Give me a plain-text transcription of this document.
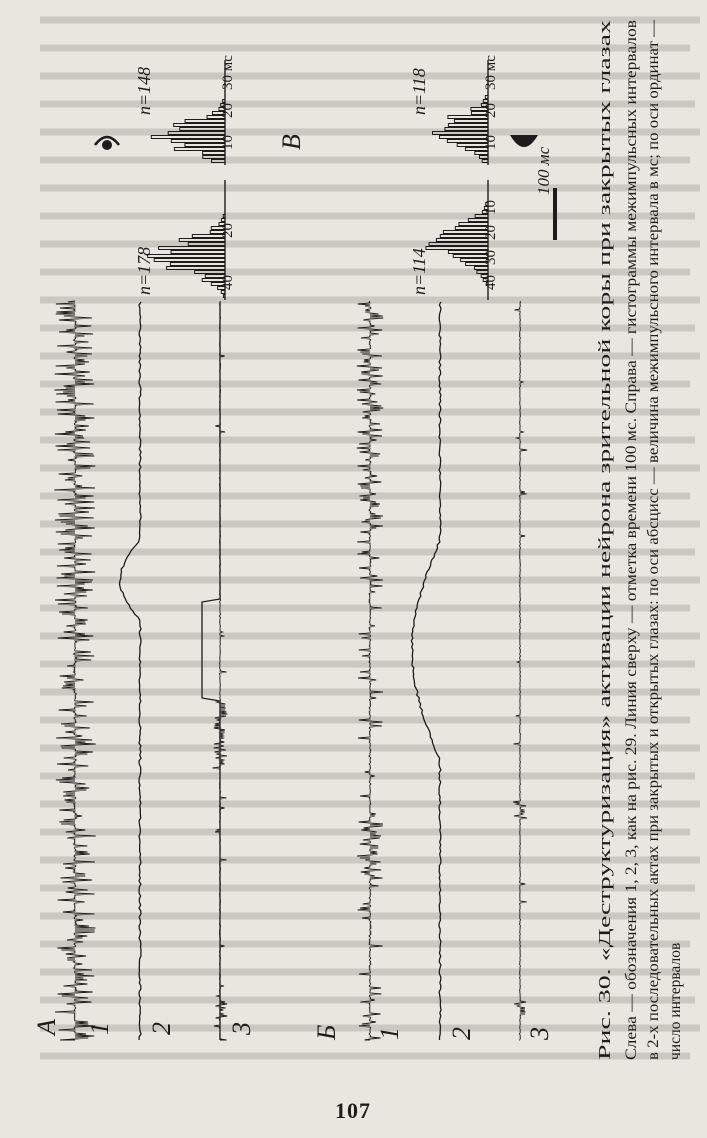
А	Б
В
1 2 3	1 2 3
100 мс
n=178
n=148
n=114
n=118
20
40
10
20
30 мс
10
20
30
40
10
20
30 мс
Рис. 30. «Деструктуризация» активации нейрона зрительной коры при закрытых глазах Слева — обозначения 1, 2, 3, как на рис. 29. Линия сверху — отметка времени 100 мс. Справа — гистограммы межимпульсных интервалов в 2-х последовательных актах при закрытых и открытых глазах: по оси абсцисс — величина межимпульсного интервала в мс; по оси ординат — число интервалов
107
